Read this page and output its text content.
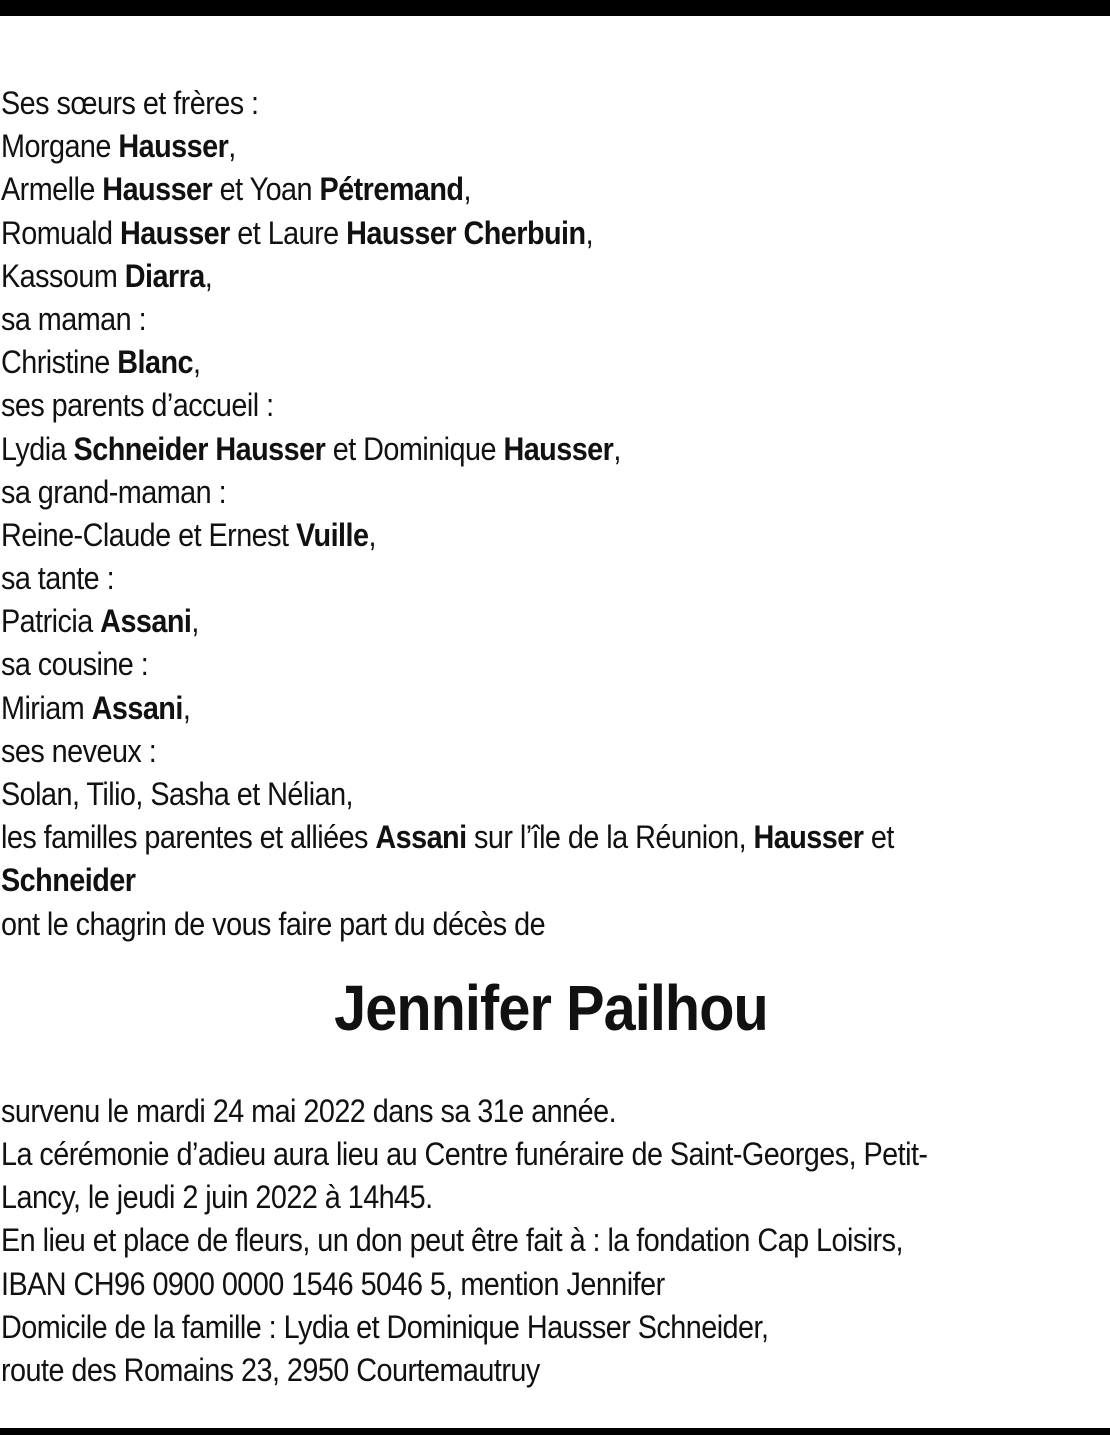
Ses sœurs et frères :
Morgane Hausser,
Armelle Hausser et Yoan Pétremand,
Romuald Hausser et Laure Hausser Cherbuin,
Kassoum Diarra,
sa maman :
Christine Blanc,
ses parents d’accueil :
Lydia Schneider Hausser et Dominique Hausser,
sa grand-maman :
Reine-Claude et Ernest Vuille,
sa tante :
Patricia Assani,
sa cousine :
Miriam Assani,
ses neveux :
Solan, Tilio, Sasha et Nélian,
les familles parentes et alliées Assani sur l’île de la Réunion, Hausser et
Schneider
ont le chagrin de vous faire part du décès de
Jennifer Pailhou
survenu le mardi 24 mai 2022 dans sa 31e année.
La cérémonie d’adieu aura lieu au Centre funéraire de Saint-Georges, Petit-
Lancy, le jeudi 2 juin 2022 à 14h45.
En lieu et place de fleurs, un don peut être fait à : la fondation Cap Loisirs,
IBAN CH96 0900 0000 1546 5046 5, mention Jennifer
Domicile de la famille : Lydia et Dominique Hausser Schneider,
route des Romains 23, 2950 Courtemautruy
